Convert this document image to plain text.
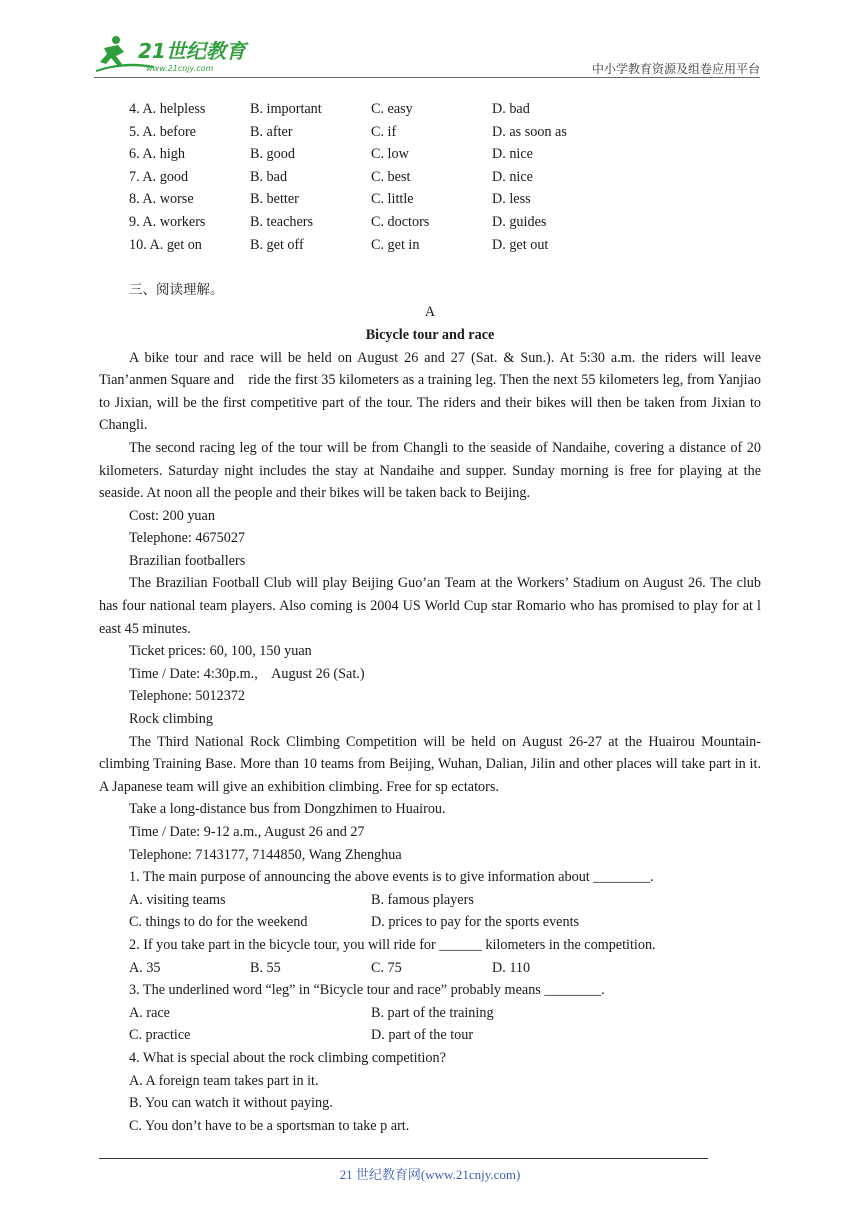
21世纪教育
www.21cnjy.com	中小学教育资源及组卷应用平台
4. A. helpless	B. important	C. easy	D. bad
5. A. before	B. after	C. if	D. as soon as
6. A. high	B. good	C. low	D. nice
7. A. good	B. bad	C. best	D. nice
8. A. worse	B. better	C. little	D. less
9. A. workers	B. teachers	C. doctors	D. guides
10. A. get on	B. get off	C. get in	D. get out
三、阅读理解。
A
Bicycle tour and race
A bike tour and race will be held on August 26 and 27 (Sat. & Sun.). At 5:30 a.m. the riders will leave Tian’anmen Square and    ride the first 35 kilometers as a training leg. Then the next 55 kilometers leg, from Yanjiao to Jixian, will be the first competitive part of the tour. The riders and their bikes will then be taken from Jixian to Changli.
The second racing leg of the tour will be from Changli to the seaside of Nandaihe, covering a distance of 20 kilometers. Saturday night includes the stay at Nandaihe and supper. Sunday morning is free for playing at the seaside. At noon all the people and their bikes will be taken back to Beijing.
Cost: 200 yuan
Telephone: 4675027
Brazilian footballers
The Brazilian Football Club will play Beijing Guo’an Team at the Workers’ Stadium on August 26. The club has four national team players. Also coming is 2004 US World Cup star Romario who has promised to play for at l east 45 minutes.
Ticket prices: 60, 100, 150 yuan
Time / Date: 4:30p.m.,    August 26 (Sat.)
Telephone: 5012372
Rock climbing
The Third National Rock Climbing Competition will be held on August 26-27 at the Huairou Mountain-climbing Training Base. More than 10 teams from Beijing, Wuhan, Dalian, Jilin and other places will take part in it. A Japanese team will give an exhibition climbing. Free for sp ectators.
Take a long-distance bus from Dongzhimen to Huairou.
Time / Date: 9-12 a.m., August 26 and 27
Telephone: 7143177, 7144850, Wang Zhenghua
1. The main purpose of announcing the above events is to give information about ________.
A. visiting teams	B. famous players
C. things to do for the weekend	D. prices to pay for the sports events
2. If you take part in the bicycle tour, you will ride for ______ kilometers in the competition.
A. 35	B. 55	C. 75	D. 110
3. The underlined word “leg” in “Bicycle tour and race” probably means ________.
A. race	B. part of the training
C. practice	D. part of the tour
4. What is special about the rock climbing competition?
A. A foreign team takes part in it.
B. You can watch it without paying.
C. You don’t have to be a sportsman to take p art.
21 世纪教育网(www.21cnjy.com)
